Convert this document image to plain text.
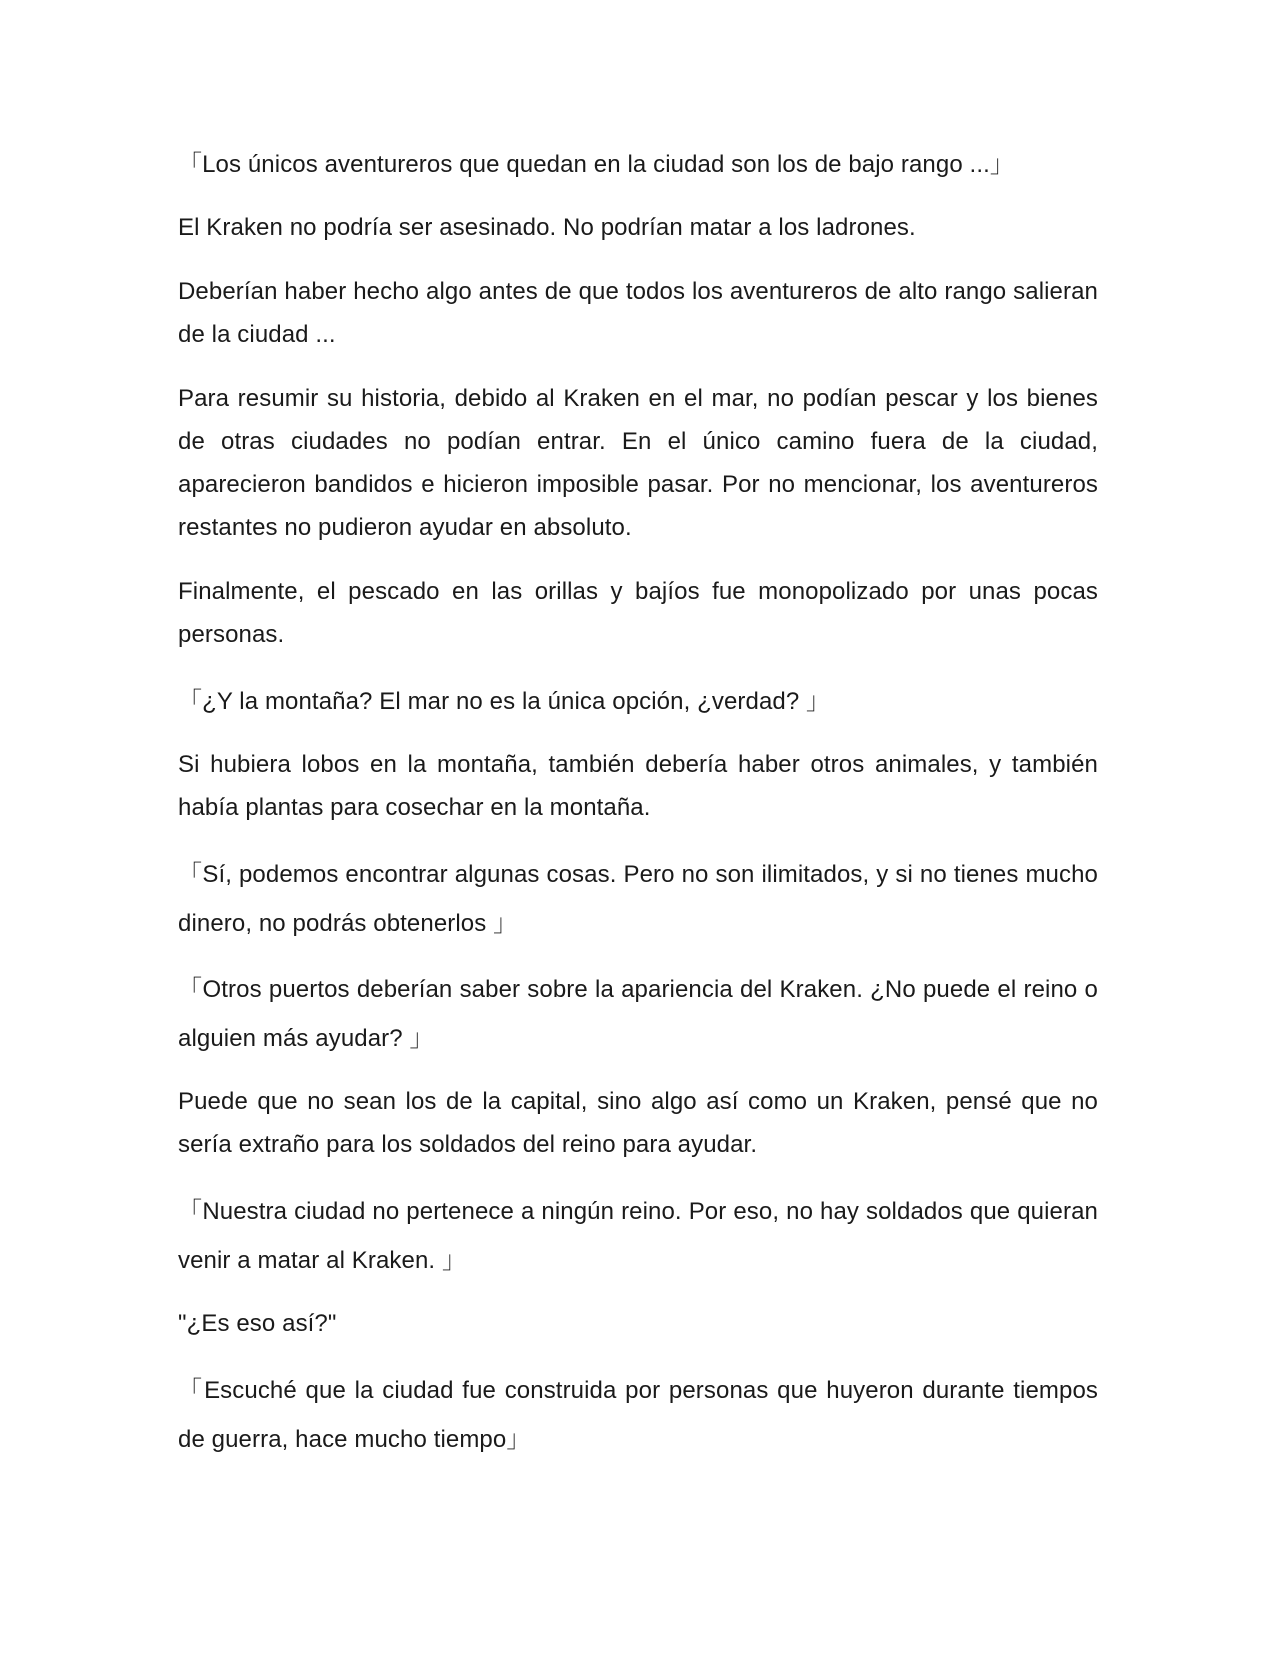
「Los únicos aventureros que quedan en la ciudad son los de bajo rango ...」

El Kraken no podría ser asesinado. No podrían matar a los ladrones.

Deberían haber hecho algo antes de que todos los aventureros de alto rango salieran de la ciudad ...

Para resumir su historia, debido al Kraken en el mar, no podían pescar y los bienes de otras ciudades no podían entrar. En el único camino fuera de la ciudad, aparecieron bandidos e hicieron imposible pasar. Por no mencionar, los aventureros restantes no pudieron ayudar en absoluto.

Finalmente, el pescado en las orillas y bajíos fue monopolizado por unas pocas personas.

「¿Y la montaña? El mar no es la única opción, ¿verdad? 」

Si hubiera lobos en la montaña, también debería haber otros animales, y también había plantas para cosechar en la montaña.

「Sí, podemos encontrar algunas cosas. Pero no son ilimitados, y si no tienes mucho dinero, no podrás obtenerlos 」

「Otros puertos deberían saber sobre la apariencia del Kraken. ¿No puede el reino o alguien más ayudar? 」

Puede que no sean los de la capital, sino algo así como un Kraken, pensé que no sería extraño para los soldados del reino para ayudar.

「Nuestra ciudad no pertenece a ningún reino. Por eso, no hay soldados que quieran venir a matar al Kraken. 」

"¿Es eso así?"

「Escuché que la ciudad fue construida por personas que huyeron durante tiempos de guerra, hace mucho tiempo」
